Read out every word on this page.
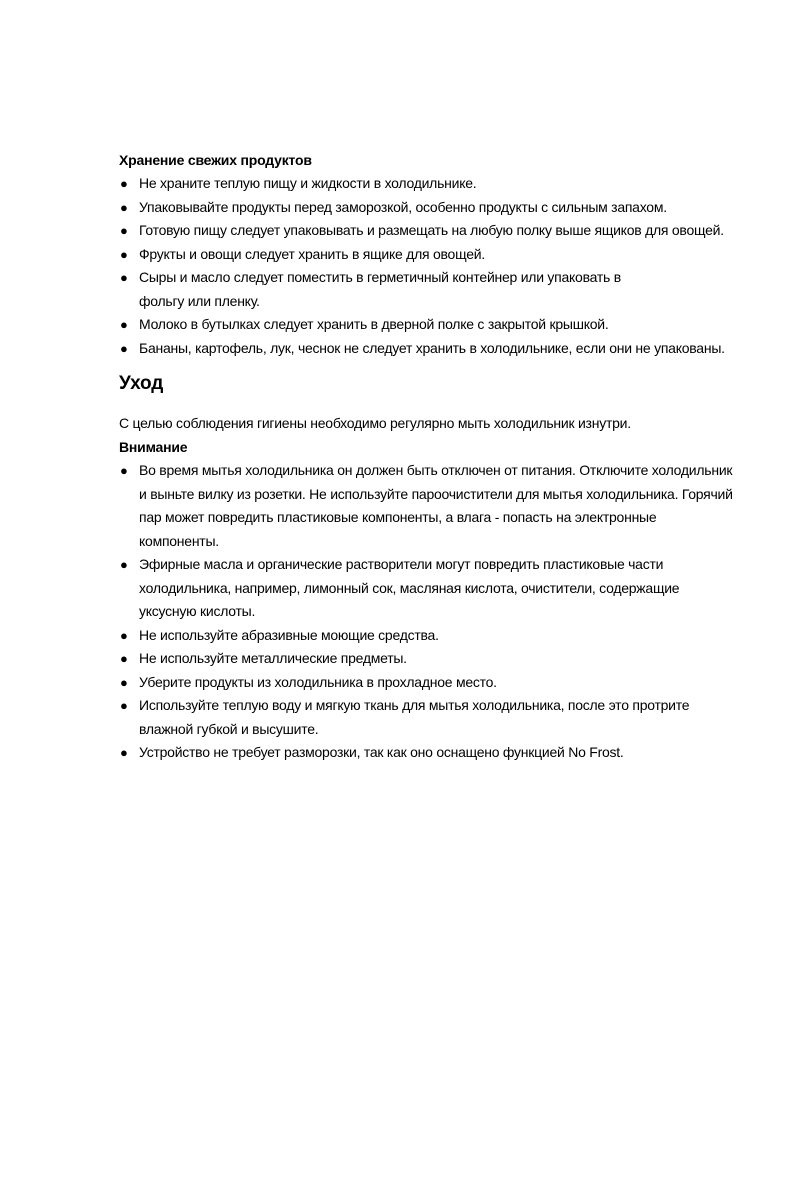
Хранение свежих продуктов
● Не храните теплую пищу и жидкости в холодильнике.
● Упаковывайте продукты перед заморозкой, особенно продукты с сильным запахом.
● Готовую пищу следует упаковывать и размещать на любую полку выше ящиков для овощей.
● Фрукты и овощи следует хранить в ящике для овощей.
● Сыры и масло следует поместить в герметичный контейнер или упаковать в фольгу или пленку.
● Молоко в бутылках следует хранить в дверной полке с закрытой крышкой.
● Бананы, картофель, лук, чеснок не следует хранить в холодильнике, если они не упакованы.
Уход

С целью соблюдения гигиены необходимо регулярно мыть холодильник изнутри.

Внимание
● Во время мытья холодильника он должен быть отключен от питания. Отключите холодильник и выньте вилку из розетки. Не используйте пароочистители для мытья холодильника. Горячий пар может повредить пластиковые компоненты, а влага - попасть на электронные компоненты.
● Эфирные масла и органические растворители могут повредить пластиковые части холодильника, например, лимонный сок, масляная кислота, очистители, содержащие уксусную кислоты.
● Не используйте абразивные моющие средства.
● Не используйте металлические предметы.
● Уберите продукты из холодильника в прохладное место.
● Используйте теплую воду и мягкую ткань для мытья холодильника, после это протрите влажной губкой и высушите.
● Устройство не требует разморозки, так как оно оснащено функцией No Frost.
